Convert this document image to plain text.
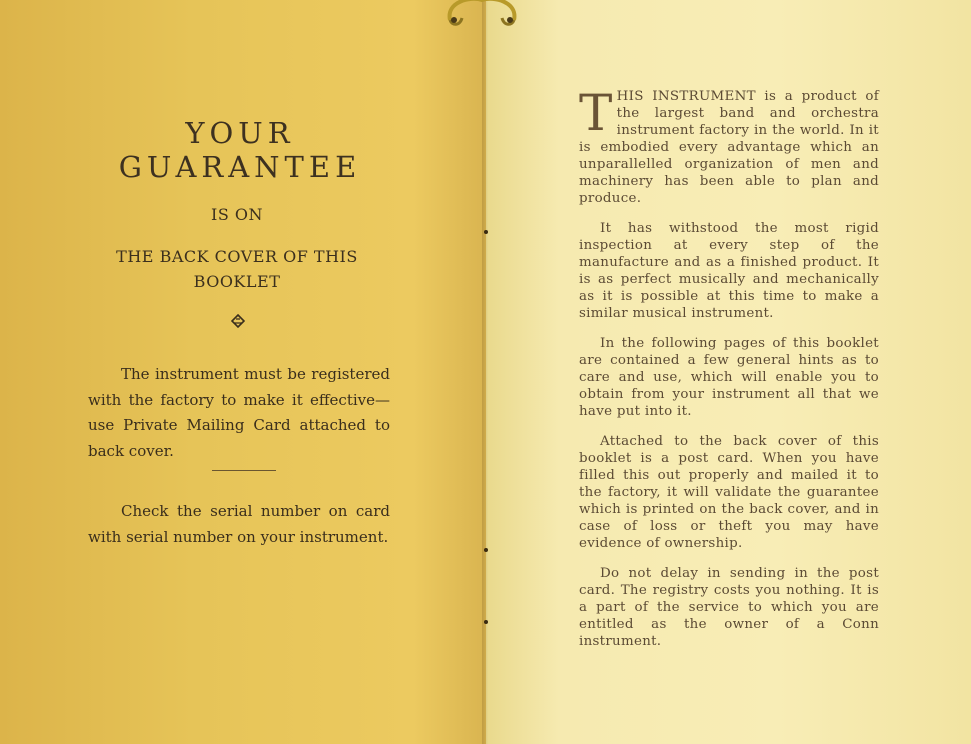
YOUR
GUARANTEE
IS ON
THE BACK COVER OF THIS
BOOKLET
The instrument must be registered with the factory to make it effective—use Private Mailing Card attached to back cover.
Check the serial number on card with serial number on your instrument.

THIS INSTRUMENT is a product of the largest band and orchestra instrument factory in the world. In it is embodied every advantage which an unparallelled organization of men and machinery has been able to plan and produce.

It has withstood the most rigid inspection at every step of the manufacture and as a finished product. It is as perfect musically and mechanically as it is possible at this time to make a similar musical instrument.

In the following pages of this booklet are contained a few general hints as to care and use, which will enable you to obtain from your instrument all that we have put into it.

Attached to the back cover of this booklet is a post card. When you have filled this out properly and mailed it to the factory, it will validate the guarantee which is printed on the back cover, and in case of loss or theft you may have evidence of ownership.

Do not delay in sending in the post card. The registry costs you nothing. It is a part of the service to which you are entitled as the owner of a Conn instrument.
